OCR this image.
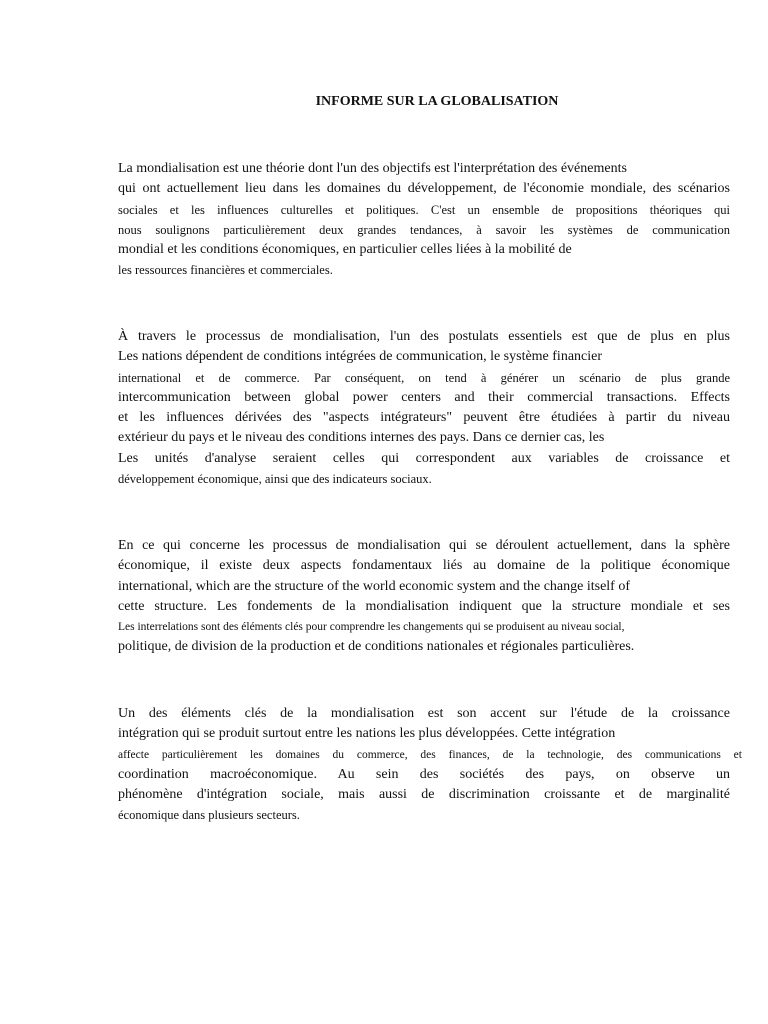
INFORME SUR LA GLOBALISATION
La mondialisation est une théorie dont l'un des objectifs est l'interprétation des événements
qui ont actuellement lieu dans les domaines du développement, de l'économie mondiale, des scénarios
sociales et les influences culturelles et politiques. C'est un ensemble de propositions théoriques qui
nous soulignons particulièrement deux grandes tendances, à savoir les systèmes de communication
mondial et les conditions économiques, en particulier celles liées à la mobilité de
les ressources financières et commerciales.
À travers le processus de mondialisation, l'un des postulats essentiels est que de plus en plus
Les nations dépendent de conditions intégrées de communication, le système financier
international et de commerce. Par conséquent, on tend à générer un scénario de plus grande
intercommunication between global power centers and their commercial transactions. Effects
et les influences dérivées des "aspects intégrateurs" peuvent être étudiées à partir du niveau
extérieur du pays et le niveau des conditions internes des pays. Dans ce dernier cas, les
Les unités d'analyse seraient celles qui correspondent aux variables de croissance et
développement économique, ainsi que des indicateurs sociaux.
En ce qui concerne les processus de mondialisation qui se déroulent actuellement, dans la sphère
économique, il existe deux aspects fondamentaux liés au domaine de la politique économique
international, which are the structure of the world economic system and the change itself of
cette structure. Les fondements de la mondialisation indiquent que la structure mondiale et ses
Les interrelations sont des éléments clés pour comprendre les changements qui se produisent au niveau social,
politique, de division de la production et de conditions nationales et régionales particulières.
Un des éléments clés de la mondialisation est son accent sur l'étude de la croissance
intégration qui se produit surtout entre les nations les plus développées. Cette intégration
affecte particulièrement les domaines du commerce, des finances, de la technologie, des communications et
coordination macroéconomique. Au sein des sociétés des pays, on observe un
phénomène d'intégration sociale, mais aussi de discrimination croissante et de marginalité
économique dans plusieurs secteurs.
